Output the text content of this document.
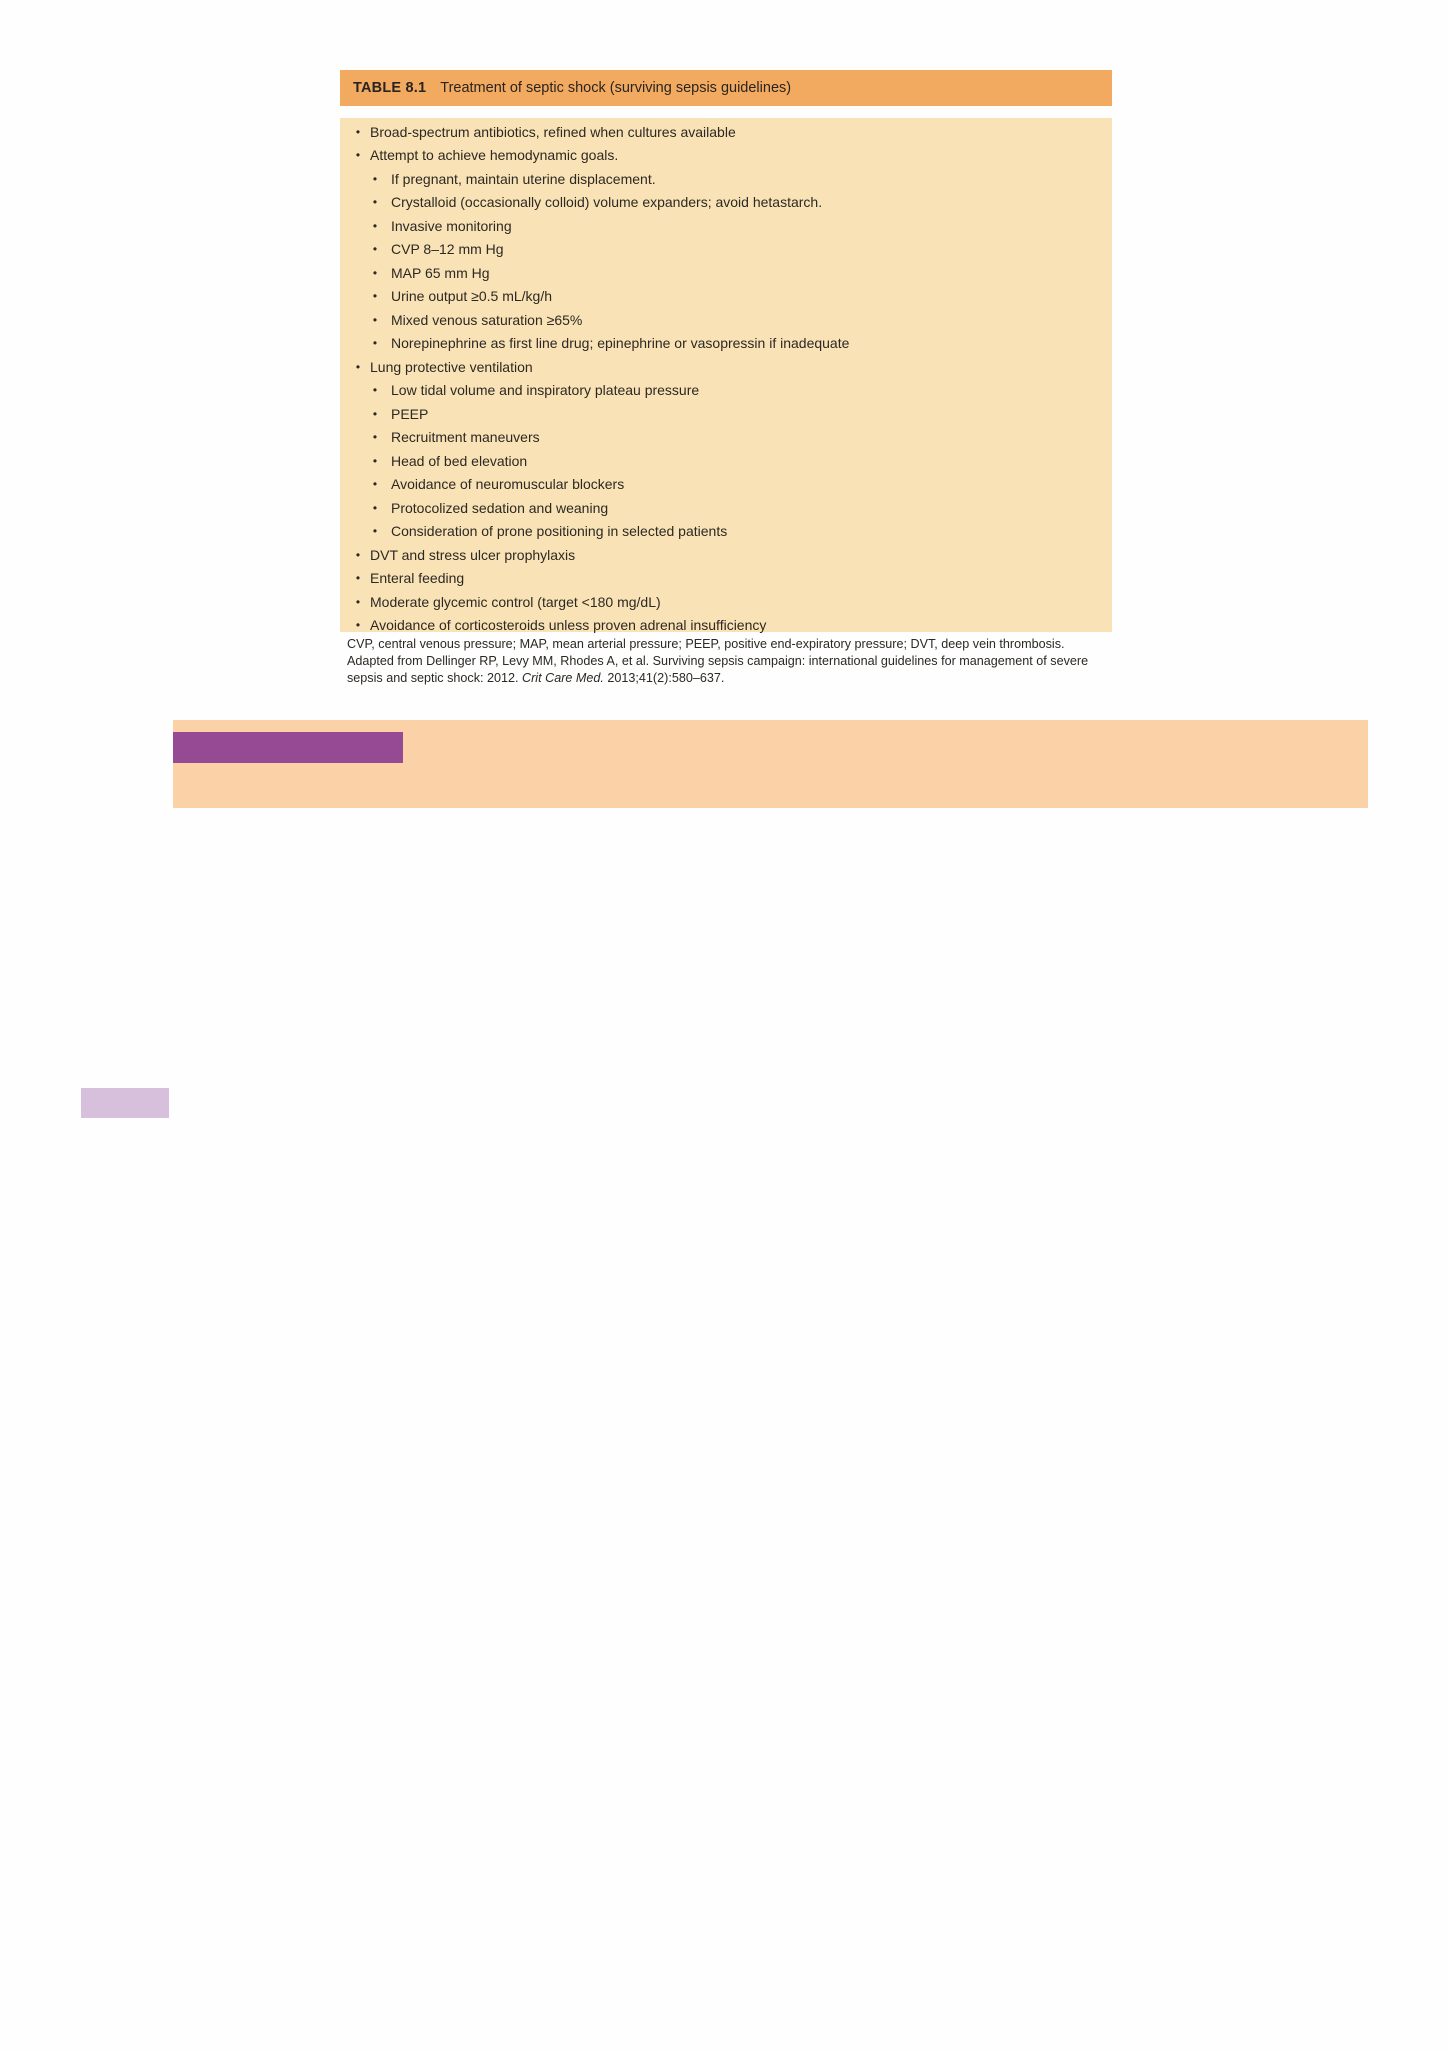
TABLE 8.1 Treatment of septic shock (surviving sepsis guidelines)
• Broad-spectrum antibiotics, refined when cultures available
• Attempt to achieve hemodynamic goals.
• If pregnant, maintain uterine displacement.
• Crystalloid (occasionally colloid) volume expanders; avoid hetastarch.
• Invasive monitoring
• CVP 8–12 mm Hg
• MAP 65 mm Hg
• Urine output ≥0.5 mL/kg/h
• Mixed venous saturation ≥65%
• Norepinephrine as first line drug; epinephrine or vasopressin if inadequate
• Lung protective ventilation
• Low tidal volume and inspiratory plateau pressure
• PEEP
• Recruitment maneuvers
• Head of bed elevation
• Avoidance of neuromuscular blockers
• Protocolized sedation and weaning
• Consideration of prone positioning in selected patients
• DVT and stress ulcer prophylaxis
• Enteral feeding
• Moderate glycemic control (target <180 mg/dL)
• Avoidance of corticosteroids unless proven adrenal insufficiency
CVP, central venous pressure; MAP, mean arterial pressure; PEEP, positive end-expiratory pressure; DVT, deep vein thrombosis.
Adapted from Dellinger RP, Levy MM, Rhodes A, et al. Surviving sepsis campaign: international guidelines for management of severe sepsis and septic shock: 2012. Crit Care Med. 2013;41(2):580–637.
